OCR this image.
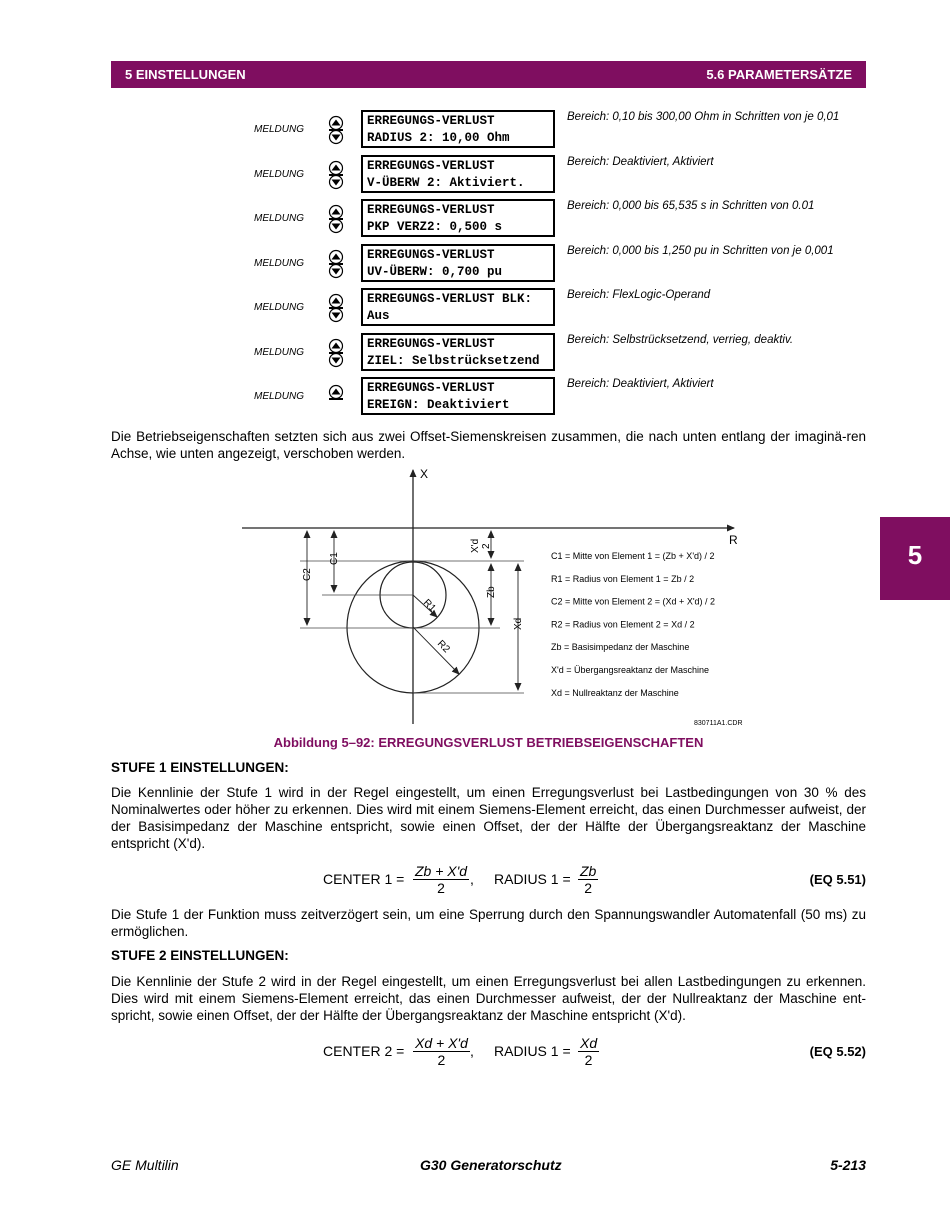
5 EINSTELLUNGEN	5.6 PARAMETERSÄTZE
5
MELDUNG
ERREGUNGS-VERLUST
RADIUS 2: 10,00 Ohm
Bereich: 0,10 bis 300,00 Ohm in Schritten von je 0,01
MELDUNG
ERREGUNGS-VERLUST
V-ÜBERW 2: Aktiviert.
Bereich: Deaktiviert, Aktiviert
MELDUNG
ERREGUNGS-VERLUST
PKP VERZ2: 0,500 s
Bereich: 0,000 bis 65,535 s in Schritten von 0.01
MELDUNG
ERREGUNGS-VERLUST
UV-ÜBERW: 0,700 pu
Bereich: 0,000 bis 1,250 pu in Schritten von je 0,001
MELDUNG
ERREGUNGS-VERLUST BLK:
Aus
Bereich: FlexLogic-Operand
MELDUNG
ERREGUNGS-VERLUST
ZIEL: Selbstrücksetzend
Bereich: Selbstrücksetzend, verrieg, deaktiv.
MELDUNG
ERREGUNGS-VERLUST
EREIGN: Deaktiviert
Bereich: Deaktiviert, Aktiviert
Die Betriebseigenschaften setzten sich aus zwei Offset-Siemenskreisen zusammen, die nach unten entlang der imaginä-ren Achse, wie unten angezeigt, verschoben werden.
X
R
C1
C2
X'd 2
Zb
Xd
R1
R2
C1 = Mitte von Element 1 = (Zb + X'd) / 2
R1 = Radius von Element 1 = Zb / 2
C2 = Mitte von Element 2 = (Xd + X'd) / 2
R2 = Radius von Element 2 = Xd / 2
Zb = Basisimpedanz der Maschine
X'd = Übergangsreaktanz der Maschine
Xd = Nullreaktanz der Maschine
830711A1.CDR
Abbildung 5–92: ERREGUNGSVERLUST BETRIEBSEIGENSCHAFTEN
STUFE 1 EINSTELLUNGEN:
Die Kennlinie der Stufe 1 wird in der Regel eingestellt, um einen Erregungsverlust bei Lastbedingungen von 30 % des Nominalwertes oder höher zu erkennen. Dies wird mit einem Siemens-Element erreicht, das einen Durchmesser aufweist, der der Basisimpedanz der Maschine entspricht, sowie einen Offset, der der Hälfte der Übergangsreaktanz der Maschine entspricht (X'd).
CENTER $1 = \frac{Zb + X'd}{2}$ , RADIUS $1 = \frac{Zb}{2}$	(EQ 5.51)
Die Stufe 1 der Funktion muss zeitverzögert sein, um eine Sperrung durch den Spannungswandler Automatenfall (50 ms) zu ermöglichen.
STUFE 2 EINSTELLUNGEN:
Die Kennlinie der Stufe 2 wird in der Regel eingestellt, um einen Erregungsverlust bei allen Lastbedingungen zu erkennen. Dies wird mit einem Siemens-Element erreicht, das einen Durchmesser aufweist, der der Nullreaktanz der Maschine ent-spricht, sowie einen Offset, der der Hälfte der Übergangsreaktanz der Maschine entspricht (X'd).
CENTER $2 = \frac{Xd + X'd}{2}$ , RADIUS $1 = \frac{Xd}{2}$	(EQ 5.52)
GE Multilin	G30 Generatorschutz	5-213
